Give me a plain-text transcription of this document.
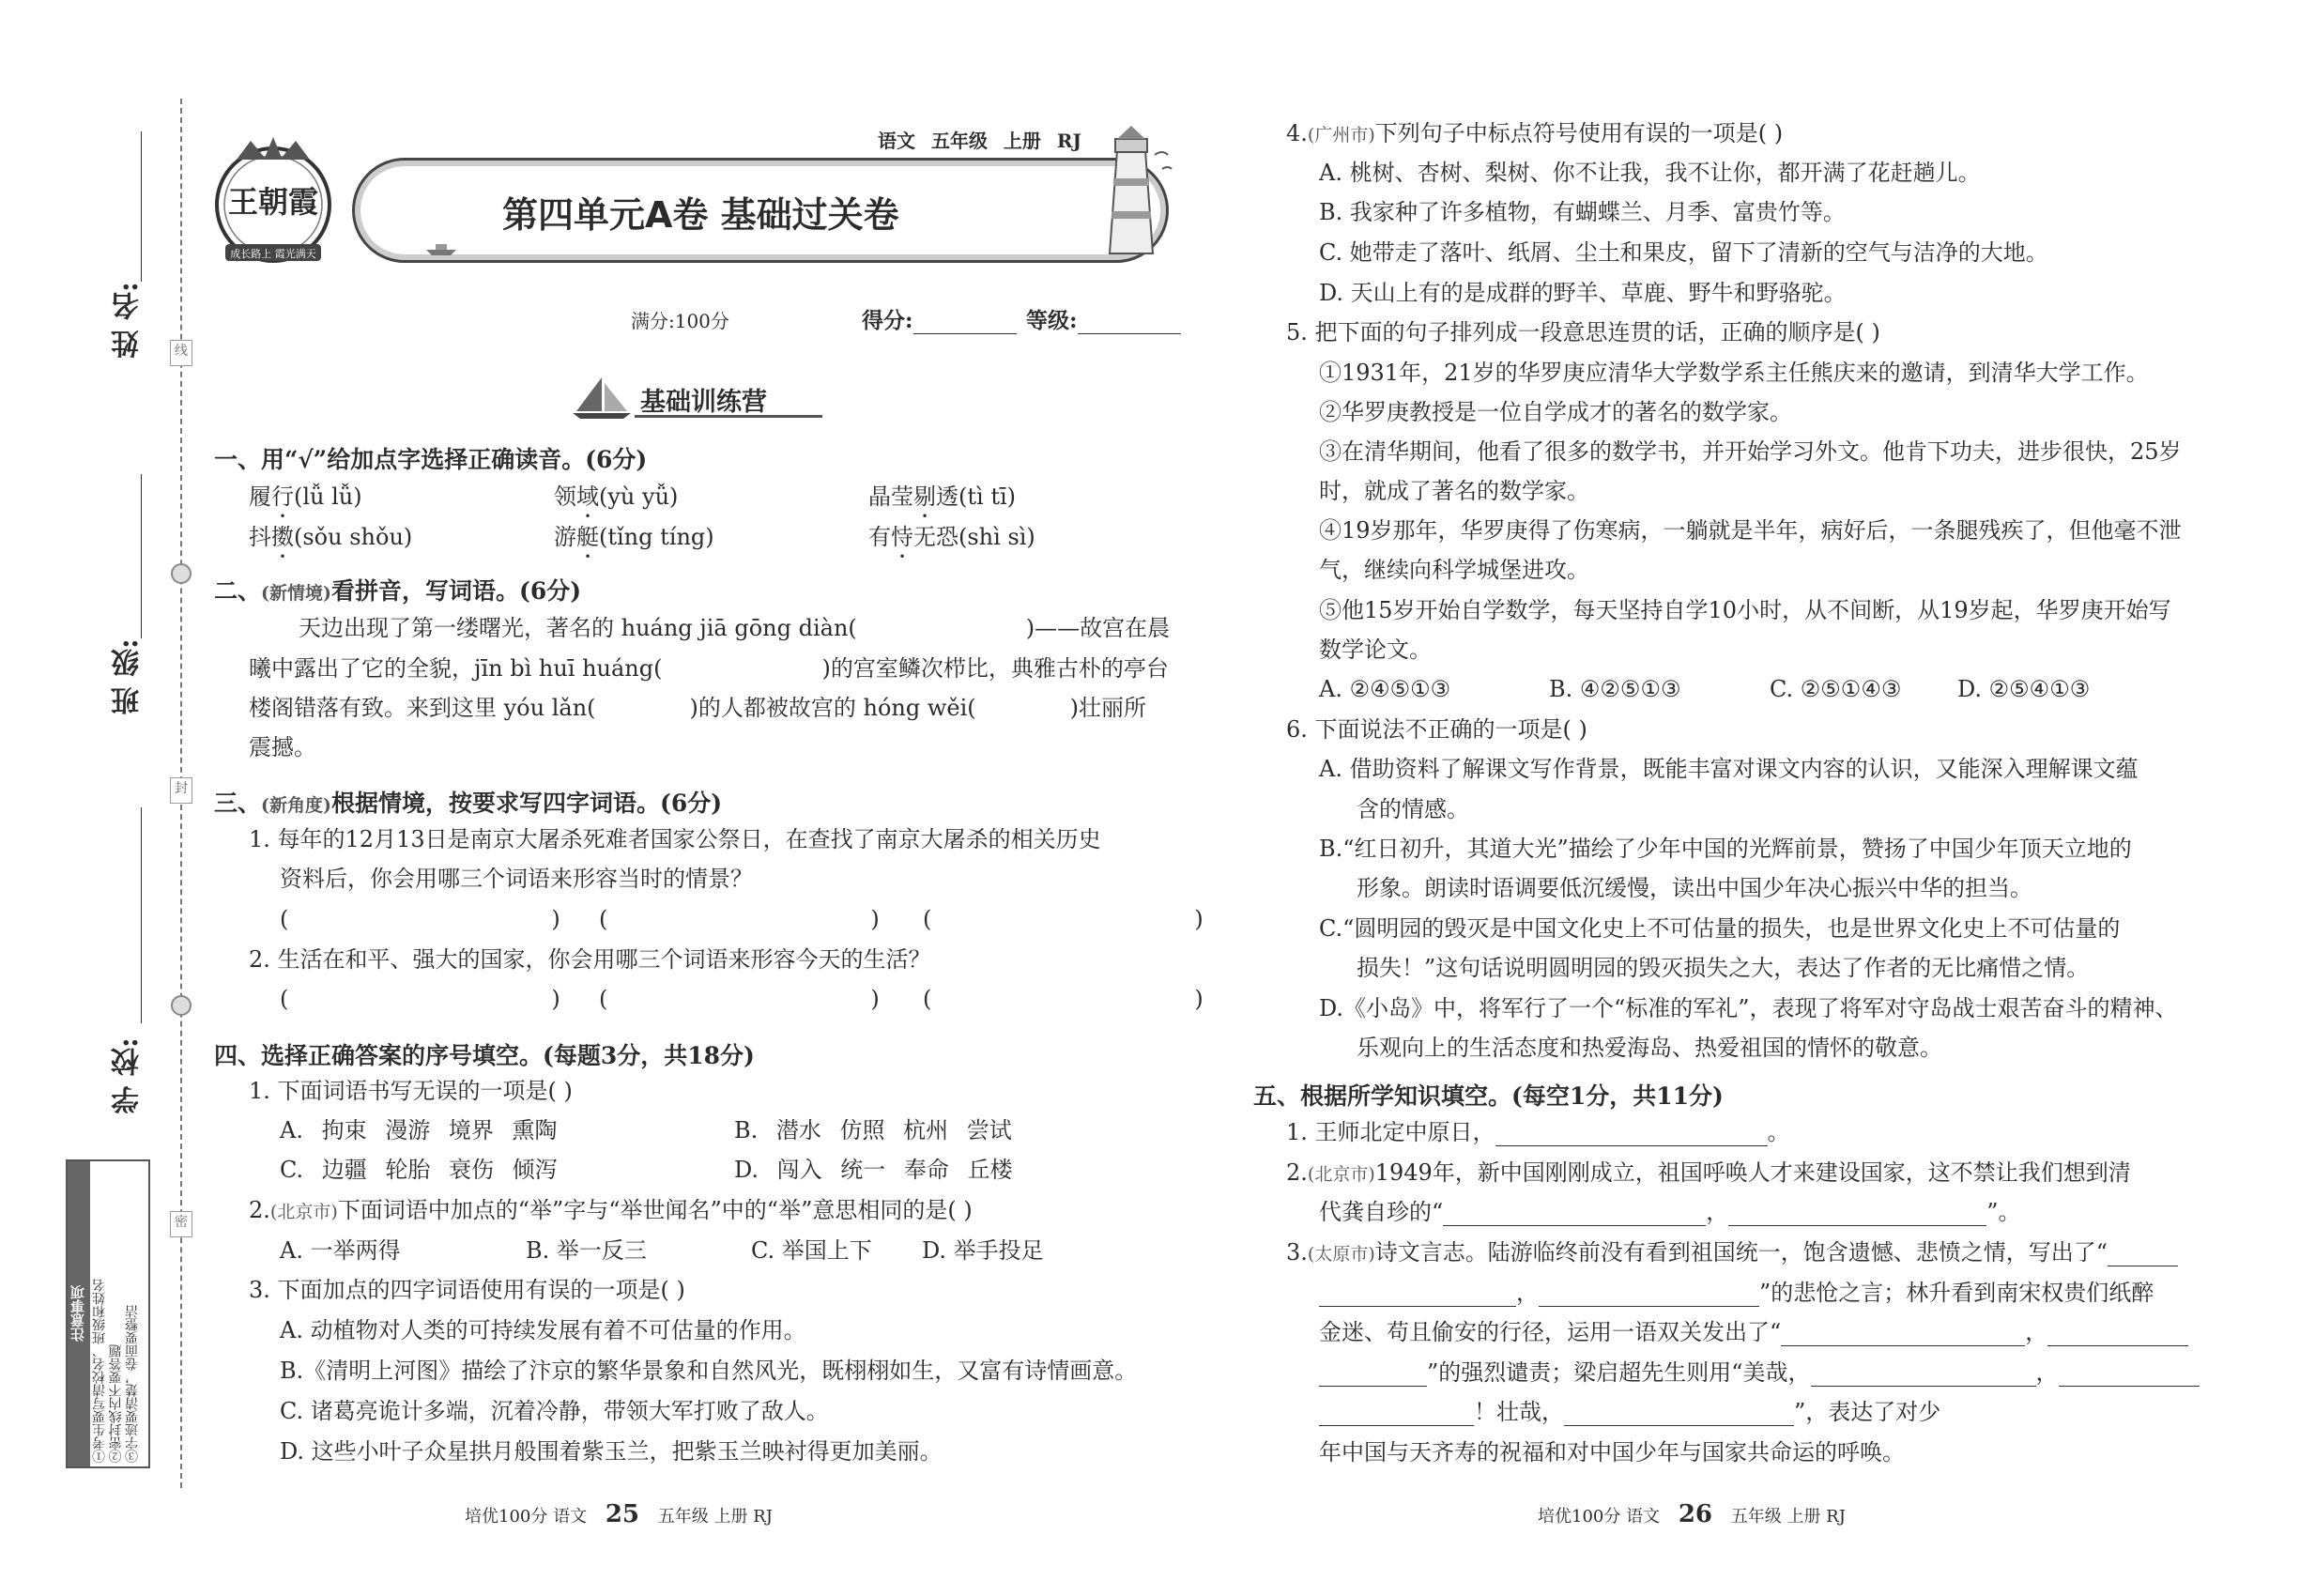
线
封
密
姓 名:
班 级:
学 校:
①考生要写清校名、班级和姓名 ②密封线内不要答题 ③字迹要清楚，卷面要整洁
注意事项
王朝霞
成长路上 霞光满天
语文 五年级 上册 RJ
第四单元A卷 基础过关卷
满分:100分	得分:	等级:
基础训练营
一、用“√”给加点字选择正确读音。(6分)
履行(lǚ lǚ)	领域(yù yǚ)	晶莹剔透(tì tī)
抖擞(sǒu shǒu)	游艇(tǐng tíng)	有恃无恐(shì sì)
二、(新情境)看拼音，写词语。(6分)
天边出现了第一缕曙光，著名的 huáng jiā gōng diàn(	)——故宫在晨
曦中露出了它的全貌，jīn bì huī huáng(	)的宫室鳞次栉比，典雅古朴的亭台
楼阁错落有致。来到这里 yóu lǎn(	)的人都被故宫的 hóng wěi(	)壮丽所
震撼。
三、(新角度)根据情境，按要求写四字词语。(6分)
1. 每年的12月13日是南京大屠杀死难者国家公祭日，在查找了南京大屠杀的相关历史
资料后，你会用哪三个词语来形容当时的情景？
(	) (	) (	)
2. 生活在和平、强大的国家，你会用哪三个词语来形容今天的生活？
(	) (	) (	)
四、选择正确答案的序号填空。(每题3分，共18分)
1. 下面词语书写无误的一项是( )
A. 拘束 漫游 境界 熏陶	B. 潜水 仿照 杭州 尝试
C. 边疆 轮胎 衰伤 倾泻	D. 闯入 统一 奉命 丘楼
2.(北京市)下面词语中加点的“举”字与“举世闻名”中的“举”意思相同的是( )
A. 一举两得	B. 举一反三	C. 举国上下 D. 举手投足
3. 下面加点的四字词语使用有误的一项是( )
A. 动植物对人类的可持续发展有着不可估量的作用。
B.《清明上河图》描绘了汴京的繁华景象和自然风光，既栩栩如生，又富有诗情画意。
C. 诸葛亮诡计多端，沉着冷静，带领大军打败了敌人。
D. 这些小叶子众星拱月般围着紫玉兰，把紫玉兰映衬得更加美丽。
4.(广州市)下列句子中标点符号使用有误的一项是( )
A. 桃树、杏树、梨树、你不让我，我不让你，都开满了花赶趟儿。
B. 我家种了许多植物，有蝴蝶兰、月季、富贵竹等。
C. 她带走了落叶、纸屑、尘土和果皮，留下了清新的空气与洁净的大地。
D. 天山上有的是成群的野羊、草鹿、野牛和野骆驼。
5. 把下面的句子排列成一段意思连贯的话，正确的顺序是( )
①1931年，21岁的华罗庚应清华大学数学系主任熊庆来的邀请，到清华大学工作。
②华罗庚教授是一位自学成才的著名的数学家。
③在清华期间，他看了很多的数学书，并开始学习外文。他肯下功夫，进步很快，25岁
时，就成了著名的数学家。
④19岁那年，华罗庚得了伤寒病，一躺就是半年，病好后，一条腿残疾了，但他毫不泄
气，继续向科学城堡进攻。
⑤他15岁开始自学数学，每天坚持自学10小时，从不间断，从19岁起，华罗庚开始写
数学论文。
A. ②④⑤①③	B. ④②⑤①③	C. ②⑤①④③ D. ②⑤④①③
6. 下面说法不正确的一项是( )
A. 借助资料了解课文写作背景，既能丰富对课文内容的认识，又能深入理解课文蕴
含的情感。
B.“红日初升，其道大光”描绘了少年中国的光辉前景，赞扬了中国少年顶天立地的
形象。朗读时语调要低沉缓慢，读出中国少年决心振兴中华的担当。
C.“圆明园的毁灭是中国文化史上不可估量的损失，也是世界文化史上不可估量的
损失！”这句话说明圆明园的毁灭损失之大，表达了作者的无比痛惜之情。
D.《小岛》中，将军行了一个“标准的军礼”，表现了将军对守岛战士艰苦奋斗的精神、
乐观向上的生活态度和热爱海岛、热爱祖国的情怀的敬意。
五、根据所学知识填空。(每空1分，共11分)
1. 王师北定中原日，	。
2.(北京市)1949年，新中国刚刚成立，祖国呼唤人才来建设国家，这不禁让我们想到清
代龚自珍的“	，	”。
3.(太原市)诗文言志。陆游临终前没有看到祖国统一，饱含遗憾、悲愤之情，写出了“
，	”的悲怆之言；林升看到南宋权贵们纸醉
金迷、苟且偷安的行径，运用一语双关发出了“	，
”的强烈谴责；梁启超先生则用“美哉，	，
！壮哉，	”，表达了对少
年中国与天齐寿的祝福和对中国少年与国家共命运的呼唤。
培优100分 语文 25 五年级 上册 RJ	培优100分 语文 26 五年级 上册 RJ
